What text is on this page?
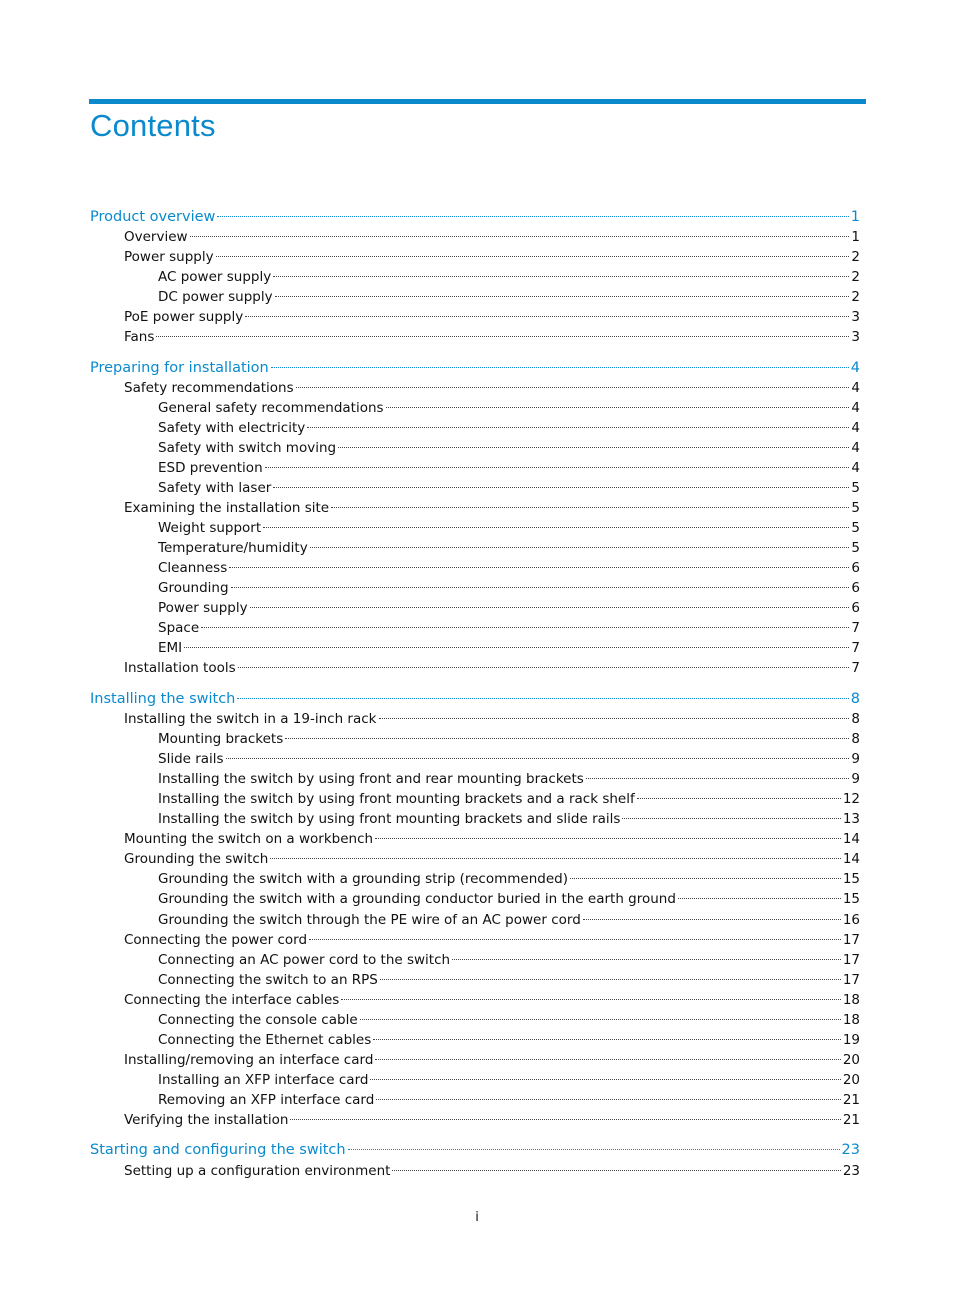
Contents
Product overview	1
Overview	1
Power supply	2
AC power supply	2
DC power supply	2
PoE power supply	3
Fans	3
Preparing for installation	4
Safety recommendations	4
General safety recommendations	4
Safety with electricity	4
Safety with switch moving	4
ESD prevention	4
Safety with laser	5
Examining the installation site	5
Weight support	5
Temperature/humidity	5
Cleanness	6
Grounding	6
Power supply	6
Space	7
EMI	7
Installation tools	7
Installing the switch	8
Installing the switch in a 19-inch rack	8
Mounting brackets	8
Slide rails	9
Installing the switch by using front and rear mounting brackets	9
Installing the switch by using front mounting brackets and a rack shelf	12
Installing the switch by using front mounting brackets and slide rails	13
Mounting the switch on a workbench	14
Grounding the switch	14
Grounding the switch with a grounding strip (recommended)	15
Grounding the switch with a grounding conductor buried in the earth ground	15
Grounding the switch through the PE wire of an AC power cord	16
Connecting the power cord	17
Connecting an AC power cord to the switch	17
Connecting the switch to an RPS	17
Connecting the interface cables	18
Connecting the console cable	18
Connecting the Ethernet cables	19
Installing/removing an interface card	20
Installing an XFP interface card	20
Removing an XFP interface card	21
Verifying the installation	21
Starting and configuring the switch	23
Setting up a configuration environment	23
i
